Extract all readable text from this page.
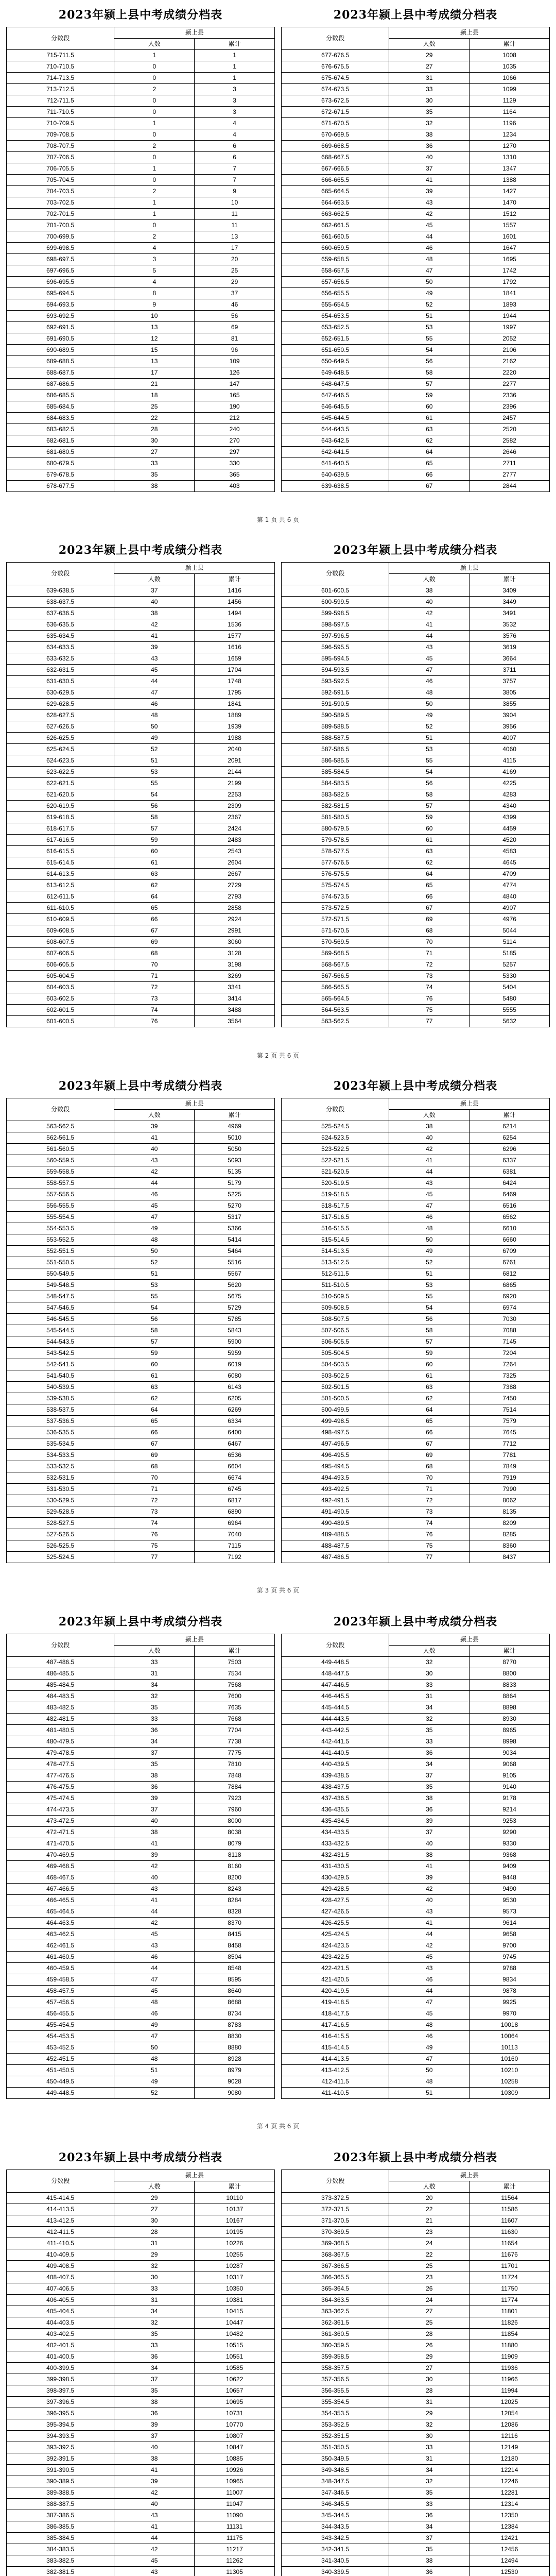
2023年颍上县中考成绩分档表
分数段	颍上县	
	人数	累计
715-711.5	1	1
710-710.5	0	1
714-713.5	0	1
713-712.5	2	3
712-711.5	0	3
711-710.5	0	3
710-709.5	1	4
709-708.5	0	4
708-707.5	2	6
707-706.5	0	6
706-705.5	1	7
705-704.5	0	7
704-703.5	2	9
703-702.5	1	10
702-701.5	1	11
701-700.5	0	11
700-699.5	2	13
699-698.5	4	17
698-697.5	3	20
697-696.5	5	25
696-695.5	4	29
695-694.5	8	37
694-693.5	9	46
693-692.5	10	56
692-691.5	13	69
691-690.5	12	81
690-689.5	15	96
689-688.5	13	109
688-687.5	17	126
687-686.5	21	147
686-685.5	18	165
685-684.5	25	190
684-683.5	22	212
683-682.5	28	240
682-681.5	30	270
681-680.5	27	297
680-679.5	33	330
679-678.5	35	365
678-677.5	38	403
2023年颍上县中考成绩分档表
分数段	颍上县	
	人数	累计
677-676.5	29	1008
676-675.5	27	1035
675-674.5	31	1066
674-673.5	33	1099
673-672.5	30	1129
672-671.5	35	1164
671-670.5	32	1196
670-669.5	38	1234
669-668.5	36	1270
668-667.5	40	1310
667-666.5	37	1347
666-665.5	41	1388
665-664.5	39	1427
664-663.5	43	1470
663-662.5	42	1512
662-661.5	45	1557
661-660.5	44	1601
660-659.5	46	1647
659-658.5	48	1695
658-657.5	47	1742
657-656.5	50	1792
656-655.5	49	1841
655-654.5	52	1893
654-653.5	51	1944
653-652.5	53	1997
652-651.5	55	2052
651-650.5	54	2106
650-649.5	56	2162
649-648.5	58	2220
648-647.5	57	2277
647-646.5	59	2336
646-645.5	60	2396
645-644.5	61	2457
644-643.5	63	2520
643-642.5	62	2582
642-641.5	64	2646
641-640.5	65	2711
640-639.5	66	2777
639-638.5	67	2844
第 1 页 共 6 页
2023年颍上县中考成绩分档表
分数段	颍上县	
	人数	累计
639-638.5	37	1416
638-637.5	40	1456
637-636.5	38	1494
636-635.5	42	1536
635-634.5	41	1577
634-633.5	39	1616
633-632.5	43	1659
632-631.5	45	1704
631-630.5	44	1748
630-629.5	47	1795
629-628.5	46	1841
628-627.5	48	1889
627-626.5	50	1939
626-625.5	49	1988
625-624.5	52	2040
624-623.5	51	2091
623-622.5	53	2144
622-621.5	55	2199
621-620.5	54	2253
620-619.5	56	2309
619-618.5	58	2367
618-617.5	57	2424
617-616.5	59	2483
616-615.5	60	2543
615-614.5	61	2604
614-613.5	63	2667
613-612.5	62	2729
612-611.5	64	2793
611-610.5	65	2858
610-609.5	66	2924
609-608.5	67	2991
608-607.5	69	3060
607-606.5	68	3128
606-605.5	70	3198
605-604.5	71	3269
604-603.5	72	3341
603-602.5	73	3414
602-601.5	74	3488
601-600.5	76	3564
2023年颍上县中考成绩分档表
分数段	颍上县	
	人数	累计
601-600.5	38	3409
600-599.5	40	3449
599-598.5	42	3491
598-597.5	41	3532
597-596.5	44	3576
596-595.5	43	3619
595-594.5	45	3664
594-593.5	47	3711
593-592.5	46	3757
592-591.5	48	3805
591-590.5	50	3855
590-589.5	49	3904
589-588.5	52	3956
588-587.5	51	4007
587-586.5	53	4060
586-585.5	55	4115
585-584.5	54	4169
584-583.5	56	4225
583-582.5	58	4283
582-581.5	57	4340
581-580.5	59	4399
580-579.5	60	4459
579-578.5	61	4520
578-577.5	63	4583
577-576.5	62	4645
576-575.5	64	4709
575-574.5	65	4774
574-573.5	66	4840
573-572.5	67	4907
572-571.5	69	4976
571-570.5	68	5044
570-569.5	70	5114
569-568.5	71	5185
568-567.5	72	5257
567-566.5	73	5330
566-565.5	74	5404
565-564.5	76	5480
564-563.5	75	5555
563-562.5	77	5632
第 2 页 共 6 页
2023年颍上县中考成绩分档表
分数段	颍上县	
	人数	累计
563-562.5	39	4969
562-561.5	41	5010
561-560.5	40	5050
560-559.5	43	5093
559-558.5	42	5135
558-557.5	44	5179
557-556.5	46	5225
556-555.5	45	5270
555-554.5	47	5317
554-553.5	49	5366
553-552.5	48	5414
552-551.5	50	5464
551-550.5	52	5516
550-549.5	51	5567
549-548.5	53	5620
548-547.5	55	5675
547-546.5	54	5729
546-545.5	56	5785
545-544.5	58	5843
544-543.5	57	5900
543-542.5	59	5959
542-541.5	60	6019
541-540.5	61	6080
540-539.5	63	6143
539-538.5	62	6205
538-537.5	64	6269
537-536.5	65	6334
536-535.5	66	6400
535-534.5	67	6467
534-533.5	69	6536
533-532.5	68	6604
532-531.5	70	6674
531-530.5	71	6745
530-529.5	72	6817
529-528.5	73	6890
528-527.5	74	6964
527-526.5	76	7040
526-525.5	75	7115
525-524.5	77	7192
2023年颍上县中考成绩分档表
分数段	颍上县	
	人数	累计
525-524.5	38	6214
524-523.5	40	6254
523-522.5	42	6296
522-521.5	41	6337
521-520.5	44	6381
520-519.5	43	6424
519-518.5	45	6469
518-517.5	47	6516
517-516.5	46	6562
516-515.5	48	6610
515-514.5	50	6660
514-513.5	49	6709
513-512.5	52	6761
512-511.5	51	6812
511-510.5	53	6865
510-509.5	55	6920
509-508.5	54	6974
508-507.5	56	7030
507-506.5	58	7088
506-505.5	57	7145
505-504.5	59	7204
504-503.5	60	7264
503-502.5	61	7325
502-501.5	63	7388
501-500.5	62	7450
500-499.5	64	7514
499-498.5	65	7579
498-497.5	66	7645
497-496.5	67	7712
496-495.5	69	7781
495-494.5	68	7849
494-493.5	70	7919
493-492.5	71	7990
492-491.5	72	8062
491-490.5	73	8135
490-489.5	74	8209
489-488.5	76	8285
488-487.5	75	8360
487-486.5	77	8437
第 3 页 共 6 页
2023年颍上县中考成绩分档表
分数段	颍上县	
	人数	累计
487-486.5	33	7503
486-485.5	31	7534
485-484.5	34	7568
484-483.5	32	7600
483-482.5	35	7635
482-481.5	33	7668
481-480.5	36	7704
480-479.5	34	7738
479-478.5	37	7775
478-477.5	35	7810
477-476.5	38	7848
476-475.5	36	7884
475-474.5	39	7923
474-473.5	37	7960
473-472.5	40	8000
472-471.5	38	8038
471-470.5	41	8079
470-469.5	39	8118
469-468.5	42	8160
468-467.5	40	8200
467-466.5	43	8243
466-465.5	41	8284
465-464.5	44	8328
464-463.5	42	8370
463-462.5	45	8415
462-461.5	43	8458
461-460.5	46	8504
460-459.5	44	8548
459-458.5	47	8595
458-457.5	45	8640
457-456.5	48	8688
456-455.5	46	8734
455-454.5	49	8783
454-453.5	47	8830
453-452.5	50	8880
452-451.5	48	8928
451-450.5	51	8979
450-449.5	49	9028
449-448.5	52	9080
2023年颍上县中考成绩分档表
分数段	颍上县	
	人数	累计
449-448.5	32	8770
448-447.5	30	8800
447-446.5	33	8833
446-445.5	31	8864
445-444.5	34	8898
444-443.5	32	8930
443-442.5	35	8965
442-441.5	33	8998
441-440.5	36	9034
440-439.5	34	9068
439-438.5	37	9105
438-437.5	35	9140
437-436.5	38	9178
436-435.5	36	9214
435-434.5	39	9253
434-433.5	37	9290
433-432.5	40	9330
432-431.5	38	9368
431-430.5	41	9409
430-429.5	39	9448
429-428.5	42	9490
428-427.5	40	9530
427-426.5	43	9573
426-425.5	41	9614
425-424.5	44	9658
424-423.5	42	9700
423-422.5	45	9745
422-421.5	43	9788
421-420.5	46	9834
420-419.5	44	9878
419-418.5	47	9925
418-417.5	45	9970
417-416.5	48	10018
416-415.5	46	10064
415-414.5	49	10113
414-413.5	47	10160
413-412.5	50	10210
412-411.5	48	10258
411-410.5	51	10309
第 4 页 共 6 页
2023年颍上县中考成绩分档表
分数段	颍上县	
	人数	累计
415-414.5	29	10110
414-413.5	27	10137
413-412.5	30	10167
412-411.5	28	10195
411-410.5	31	10226
410-409.5	29	10255
409-408.5	32	10287
408-407.5	30	10317
407-406.5	33	10350
406-405.5	31	10381
405-404.5	34	10415
404-403.5	32	10447
403-402.5	35	10482
402-401.5	33	10515
401-400.5	36	10551
400-399.5	34	10585
399-398.5	37	10622
398-397.5	35	10657
397-396.5	38	10695
396-395.5	36	10731
395-394.5	39	10770
394-393.5	37	10807
393-392.5	40	10847
392-391.5	38	10885
391-390.5	41	10926
390-389.5	39	10965
389-388.5	42	11007
388-387.5	40	11047
387-386.5	43	11090
386-385.5	41	11131
385-384.5	44	11175
384-383.5	42	11217
383-382.5	45	11262
382-381.5	43	11305

2023年颍上县中考成绩分档表
分数段	颍上县	
	人数	累计
373-372.5	20	11564
372-371.5	22	11586
371-370.5	21	11607
370-369.5	23	11630
369-368.5	24	11654
368-367.5	22	11676
367-366.5	25	11701
366-365.5	23	11724
365-364.5	26	11750
364-363.5	24	11774
363-362.5	27	11801
362-361.5	25	11826
361-360.5	28	11854
360-359.5	26	11880
359-358.5	29	11909
358-357.5	27	11936
357-356.5	30	11966
356-355.5	28	11994
355-354.5	31	12025
354-353.5	29	12054
353-352.5	32	12086
352-351.5	30	12116
351-350.5	33	12149
350-349.5	31	12180
349-348.5	34	12214
348-347.5	32	12246
347-346.5	35	12281
346-345.5	33	12314
345-344.5	36	12350
344-343.5	34	12384
343-342.5	37	12421
342-341.5	35	12456
341-340.5	38	12494
340-339.5	36	12530
